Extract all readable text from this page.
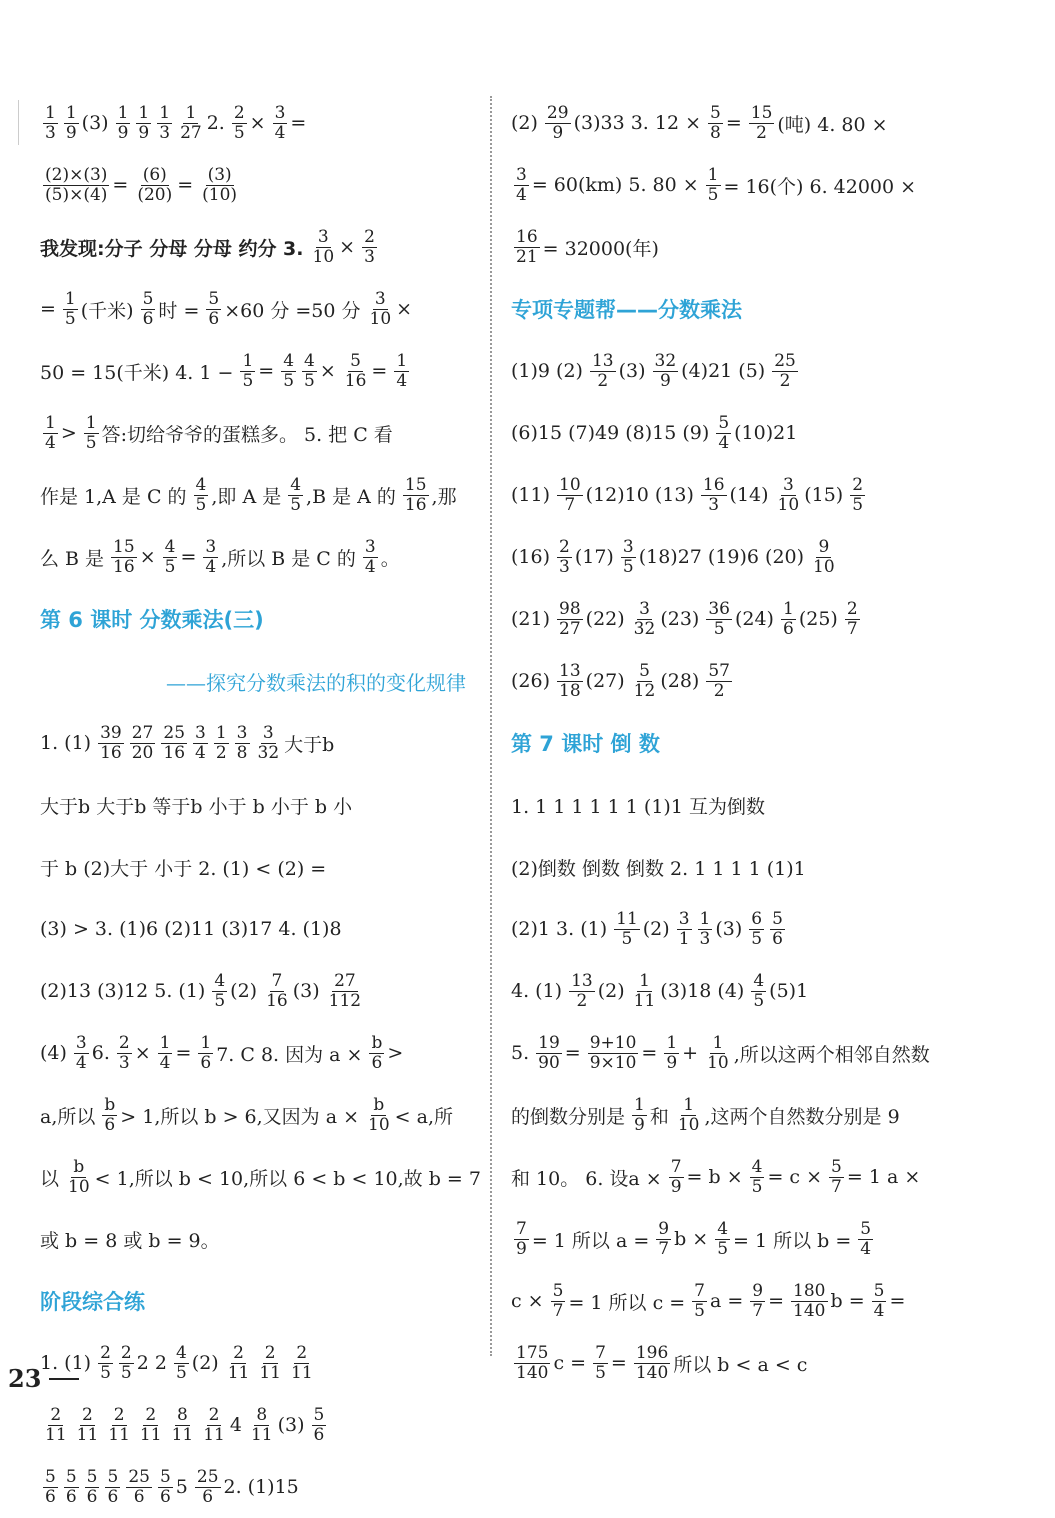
1
3
1
9 (3) 1
9
1
9
1
3
1
27 2. $\frac{2}{5} \times \frac{3}{4}$ =
$\frac{(2)\times(3)}{(5)\times(4)} = \frac{(6)}{(20)} = \frac{(3)}{(10)}$
我发现:分子 分母 分母 约分 3. $\frac{3}{10} \times \frac{2}{3}$
= $\frac{1}{5}$ (千米)
5
6 时 = $\frac{5}{6} \times 60$ 分 =50 分 $\frac{3}{10}$ ×
50 = 15(千米) 4. $1 - \frac{1}{5} = \frac{4}{5} \frac{4}{5} \times \frac{5}{16} = \frac{1}{4}$
1
4 > 1
5 答:切给爷爷的蛋糕多。 5. 把 C 看
作是 1,A 是 C 的
4
5 ,即 A 是
4
5 ,B 是 A 的
15
16 ,那
么 B 是 $\frac{15}{16} \times \frac{4}{5} = \frac{3}{4}$ ,所以 B 是 C 的
3
4 。
第 6 课时 分数乘法(三)
——探究分数乘法的积的变化规律
1. (1) 39
16
27
20
25
16
3
4
1
2
3
8
3
32 大于b
大于b 大于b 等于b 小于 b 小于 b 小
于 b (2)大于 小于 2. (1) < (2) =
(3) > 3. (1)6 (2)11 (3)17 4. (1)8
(2)13 (3)12 5. (1) 4
5 (2) 7
16 (3) 27
112
(4) 3
4 6. $\frac{2}{3} \times \frac{1}{4} = \frac{1}{6} 7$. C 8. 因为 $a \times \frac{b}{6}$ >
a,所以
b
6 > 1,所以 b > 6,又因为 $a \times \frac{b}{10} < a$,所
以
b
10 < 1,所以 b < 10,所以 6 < b < 10,故 b = 7
或 b = 8 或 b = 9。
阶段综合练
1. (1) 2
5
2
5 2 2 4
5 (2) 2
11
2
11
2
11
2
11
2
11
2
11
2
11
8
11
2
11 4 8
11 (3) 5
6
5
6
5
6
5
6
5
6
25
6
5
6 5 25
6 2. (1)15
(2) 29
9 (3)33 3. $12 \times \frac{5}{8} = \frac{15}{2}$ (吨) 4. 80 ×
$\frac{3}{4} = 60(km)$ 5. $80 \times \frac{1}{5} = 16$(个) 6. 42000 ×
$\frac{16}{21} = 32000$(年)
专项专题帮——分数乘法
(1)9 (2) 13
2 (3) 32
9 (4)21 (5) 25
2
(6)15 (7)49 (8)15 (9) 5
4 (10)21
(11) 10
7 (12)10 (13) 16
3 (14) 3
10 (15) 2
5
(16) 2
3 (17) 3
5 (18)27 (19)6 (20) 9
10
(21) 98
27 (22) 3
32 (23) 36
5 (24) 1
6 (25) 2
7
(26) 13
18 (27) 5
12 (28) 57
2
第 7 课时 倒 数
1. 1 1 1 1 1 1 (1)1 互为倒数
(2)倒数 倒数 倒数 2. 1 1 1 1 (1)1
(2)1 3. (1) 11
5 (2) 3
1
1
3 (3) 6
5
5
6
4. (1) 13
2 (2) 1
11 (3)18 (4) 4
5 (5)1
5. $\frac{19}{90} = \frac{9+10}{9\times 10} = \frac{1}{9} + \frac{1}{10}$ ,所以这两个相邻自然数
的倒数分别是
1
9 和
1
10 ,这两个自然数分别是 9
和 10。 6. 设$a \times \frac{7}{9} = b \times \frac{4}{5} = c \times \frac{5}{7} = 1$ a ×
$\frac{7}{9} = 1$ 所以 $a = \frac{9}{7}$ $b \times \frac{4}{5} = 1$ 所以 $b = \frac{5}{4}$
$c \times \frac{5}{7} = 1$ 所以 $c = \frac{7}{5}$ $a = \frac{9}{7} = \frac{180}{140}$ $b = \frac{5}{4}$ =
175
140 $c = \frac{7}{5} = \frac{196}{140}$ 所以 b < a < c
23
